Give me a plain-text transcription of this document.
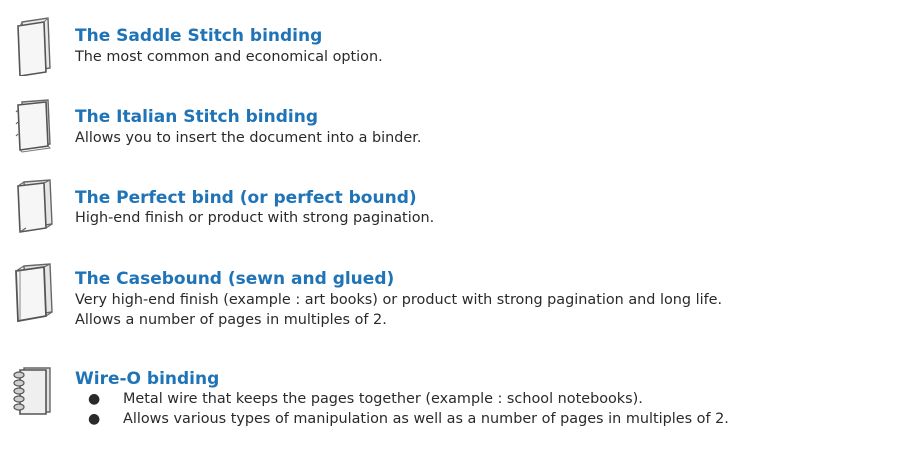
The Saddle Stitch binding

The most common and economical option.

The Italian Stitch binding

Allows you to insert the document into a binder.

The Perfect bind (or perfect bound)

High-end finish or product with strong pagination.

The Casebound (sewn and glued)

Very high-end finish (example : art books) or product with strong pagination and long life.

Allows a number of pages in multiples of 2.

Wire-O binding

● Metal wire that keeps the pages together (example : school notebooks).
● Allows various types of manipulation as well as a number of pages in multiples of 2.
